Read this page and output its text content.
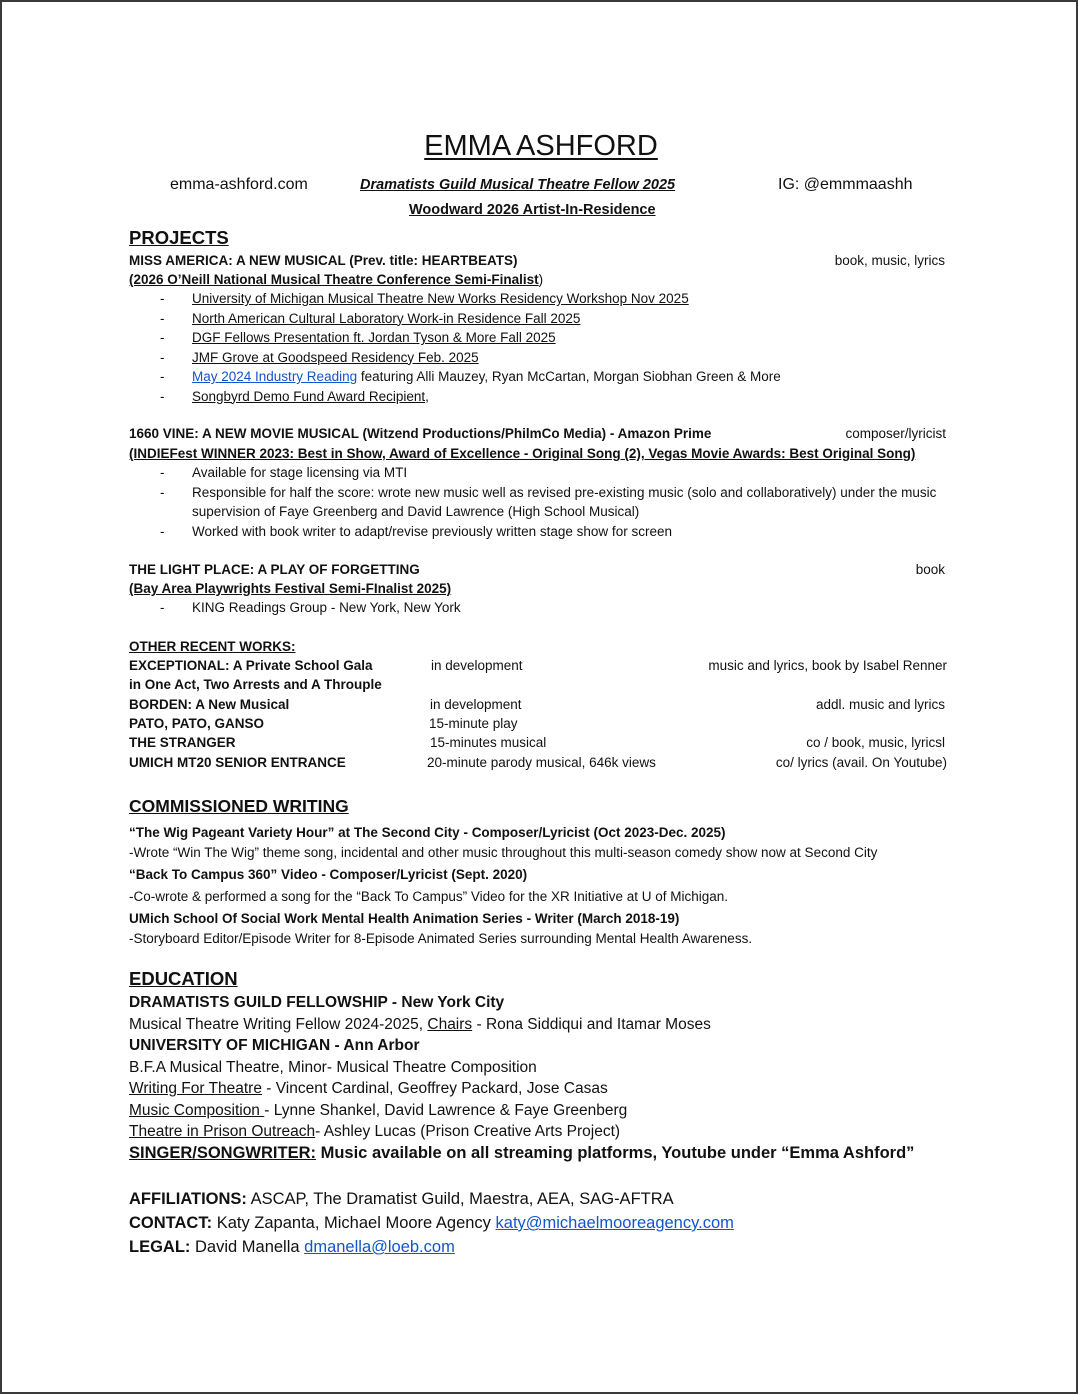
EMMA ASHFORD
emma-ashford.com	Dramatists Guild Musical Theatre Fellow 2025	IG: @emmmaashh
Woodward 2026 Artist-In-Residence
PROJECTS
MISS AMERICA: A NEW MUSICAL (Prev. title: HEARTBEATS)	book, music, lyrics
(2026 O’Neill National Musical Theatre Conference Semi-Finalist)
- University of Michigan Musical Theatre New Works Residency Workshop Nov 2025
- North American Cultural Laboratory Work-in Residence Fall 2025
- DGF Fellows Presentation ft. Jordan Tyson & More Fall 2025
- JMF Grove at Goodspeed Residency Feb. 2025
- May 2024 Industry Reading featuring Alli Mauzey, Ryan McCartan, Morgan Siobhan Green & More
- Songbyrd Demo Fund Award Recipient,
1660 VINE: A NEW MOVIE MUSICAL (Witzend Productions/PhilmCo Media) - Amazon Prime	composer/lyricist
(INDIEFest WINNER 2023: Best in Show, Award of Excellence - Original Song (2), Vegas Movie Awards: Best Original Song)
- Available for stage licensing via MTI
- Responsible for half the score: wrote new music well as revised pre-existing music (solo and collaboratively) under the music supervision of Faye Greenberg and David Lawrence (High School Musical)
- Worked with book writer to adapt/revise previously written stage show for screen
THE LIGHT PLACE: A PLAY OF FORGETTING	book
(Bay Area Playwrights Festival Semi-FInalist 2025)
- KING Readings Group - New York, New York
OTHER RECENT WORKS:
EXCEPTIONAL: A Private School Gala	in development	music and lyrics, book by Isabel Renner
in One Act, Two Arrests and A Throuple
BORDEN: A New Musical	in development	addl. music and lyrics
PATO, PATO, GANSO	15-minute play
THE STRANGER	15-minutes musical	co / book, music, lyricsl
UMICH MT20 SENIOR ENTRANCE	20-minute parody musical, 646k views	co/ lyrics (avail. On Youtube)
COMMISSIONED WRITING
“The Wig Pageant Variety Hour” at The Second City - Composer/Lyricist (Oct 2023-Dec. 2025)
-Wrote “Win The Wig” theme song, incidental and other music throughout this multi-season comedy show now at Second City
“Back To Campus 360” Video - Composer/Lyricist (Sept. 2020)
-Co-wrote & performed a song for the “Back To Campus” Video for the XR Initiative at U of Michigan.
UMich School Of Social Work Mental Health Animation Series - Writer (March 2018-19)
-Storyboard Editor/Episode Writer for 8-Episode Animated Series surrounding Mental Health Awareness.
EDUCATION
DRAMATISTS GUILD FELLOWSHIP - New York City
Musical Theatre Writing Fellow 2024-2025, Chairs - Rona Siddiqui and Itamar Moses
UNIVERSITY OF MICHIGAN - Ann Arbor
B.F.A Musical Theatre, Minor- Musical Theatre Composition
Writing For Theatre - Vincent Cardinal, Geoffrey Packard, Jose Casas
Music Composition - Lynne Shankel, David Lawrence & Faye Greenberg
Theatre in Prison Outreach- Ashley Lucas (Prison Creative Arts Project)
SINGER/SONGWRITER: Music available on all streaming platforms, Youtube under “Emma Ashford”
AFFILIATIONS: ASCAP, The Dramatist Guild, Maestra, AEA, SAG-AFTRA
CONTACT: Katy Zapanta, Michael Moore Agency katy@michaelmooreagency.com
LEGAL: David Manella dmanella@loeb.com
